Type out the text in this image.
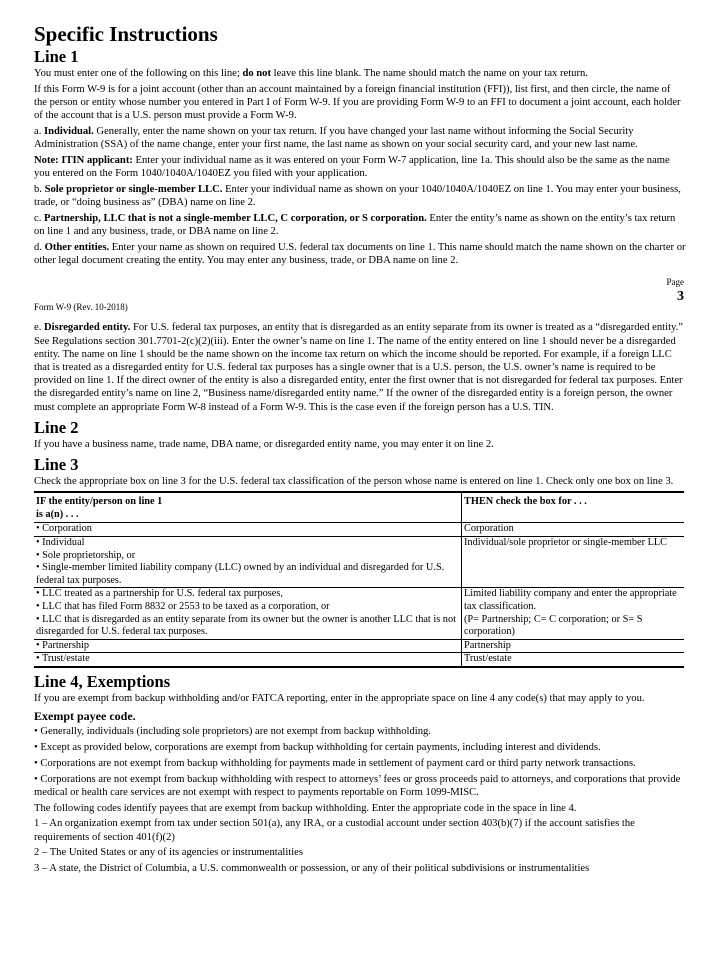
Specific Instructions
Line 1

You must enter one of the following on this line; do not leave this line blank. The name should match the name on your tax return.

If this Form W-9 is for a joint account (other than an account maintained by a foreign financial institution (FFI)), list first, and then circle, the name of the person or entity whose number you entered in Part I of Form W-9. If you are providing Form W-9 to an FFI to document a joint account, each holder of the account that is a U.S. person must provide a Form W-9.

a. Individual. Generally, enter the name shown on your tax return. If you have changed your last name without informing the Social Security Administration (SSA) of the name change, enter your first name, the last name as shown on your social security card, and your new last name.

Note: ITIN applicant: Enter your individual name as it was entered on your Form W-7 application, line 1a. This should also be the same as the name you entered on the Form 1040/1040A/1040EZ you filed with your application.

b. Sole proprietor or single-member LLC. Enter your individual name as shown on your 1040/1040A/1040EZ on line 1. You may enter your business, trade, or “doing business as” (DBA) name on line 2.

c. Partnership, LLC that is not a single-member LLC, C corporation, or S corporation. Enter the entity’s name as shown on the entity’s tax return on line 1 and any business, trade, or DBA name on line 2.

d. Other entities. Enter your name as shown on required U.S. federal tax documents on line 1. This name should match the name shown on the charter or other legal document creating the entity. You may enter any business, trade, or DBA name on line 2.

Page
3
Form W-9 (Rev. 10-2018)

e. Disregarded entity. For U.S. federal tax purposes, an entity that is disregarded as an entity separate from its owner is treated as a “disregarded entity.” See Regulations section 301.7701-2(c)(2)(iii). Enter the owner’s name on line 1. The name of the entity entered on line 1 should never be a disregarded entity. The name on line 1 should be the name shown on the income tax return on which the income should be reported. For example, if a foreign LLC that is treated as a disregarded entity for U.S. federal tax purposes has a single owner that is a U.S. person, the U.S. owner’s name is required to be provided on line 1. If the direct owner of the entity is also a disregarded entity, enter the first owner that is not disregarded for federal tax purposes. Enter the disregarded entity’s name on line 2, “Business name/disregarded entity name.” If the owner of the disregarded entity is a foreign person, the owner must complete an appropriate Form W-8 instead of a Form W-9. This is the case even if the foreign person has a U.S. TIN.

Line 2

If you have a business name, trade name, DBA name, or disregarded entity name, you may enter it on line 2.

Line 3

Check the appropriate box on line 3 for the U.S. federal tax classification of the person whose name is entered on line 1. Check only one box on line 3.

IF the entity/person on line 1
is a(n) . . .	THEN check the box for . . .

• Corporation	Corporation

• Individual
• Sole proprietorship, or
• Single-member limited liability company (LLC) owned by an individual and disregarded for U.S. federal tax purposes.	Individual/sole proprietor or single-member LLC

• LLC treated as a partnership for U.S. federal tax purposes,
• LLC that has filed Form 8832 or 2553 to be taxed as a corporation, or
• LLC that is disregarded as an entity separate from its owner but the owner is another LLC that is not disregarded for U.S. federal tax purposes.	Limited liability company and enter the appropriate tax classification.
(P= Partnership; C= C corporation; or S= S corporation)

• Partnership	Partnership

• Trust/estate	Trust/estate
Line 4, Exemptions

If you are exempt from backup withholding and/or FATCA reporting, enter in the appropriate space on line 4 any code(s) that may apply to you.

Exempt payee code.

• Generally, individuals (including sole proprietors) are not exempt from backup withholding.

• Except as provided below, corporations are exempt from backup withholding for certain payments, including interest and dividends.

• Corporations are not exempt from backup withholding for payments made in settlement of payment card or third party network transactions.

• Corporations are not exempt from backup withholding with respect to attorneys’ fees or gross proceeds paid to attorneys, and corporations that provide medical or health care services are not exempt with respect to payments reportable on Form 1099-MISC.

The following codes identify payees that are exempt from backup withholding. Enter the appropriate code in the space in line 4.

1 – An organization exempt from tax under section 501(a), any IRA, or a custodial account under section 403(b)(7) if the account satisfies the requirements of section 401(f)(2)

2 – The United States or any of its agencies or instrumentalities

3 – A state, the District of Columbia, a U.S. commonwealth or possession, or any of their political subdivisions or instrumentalities
